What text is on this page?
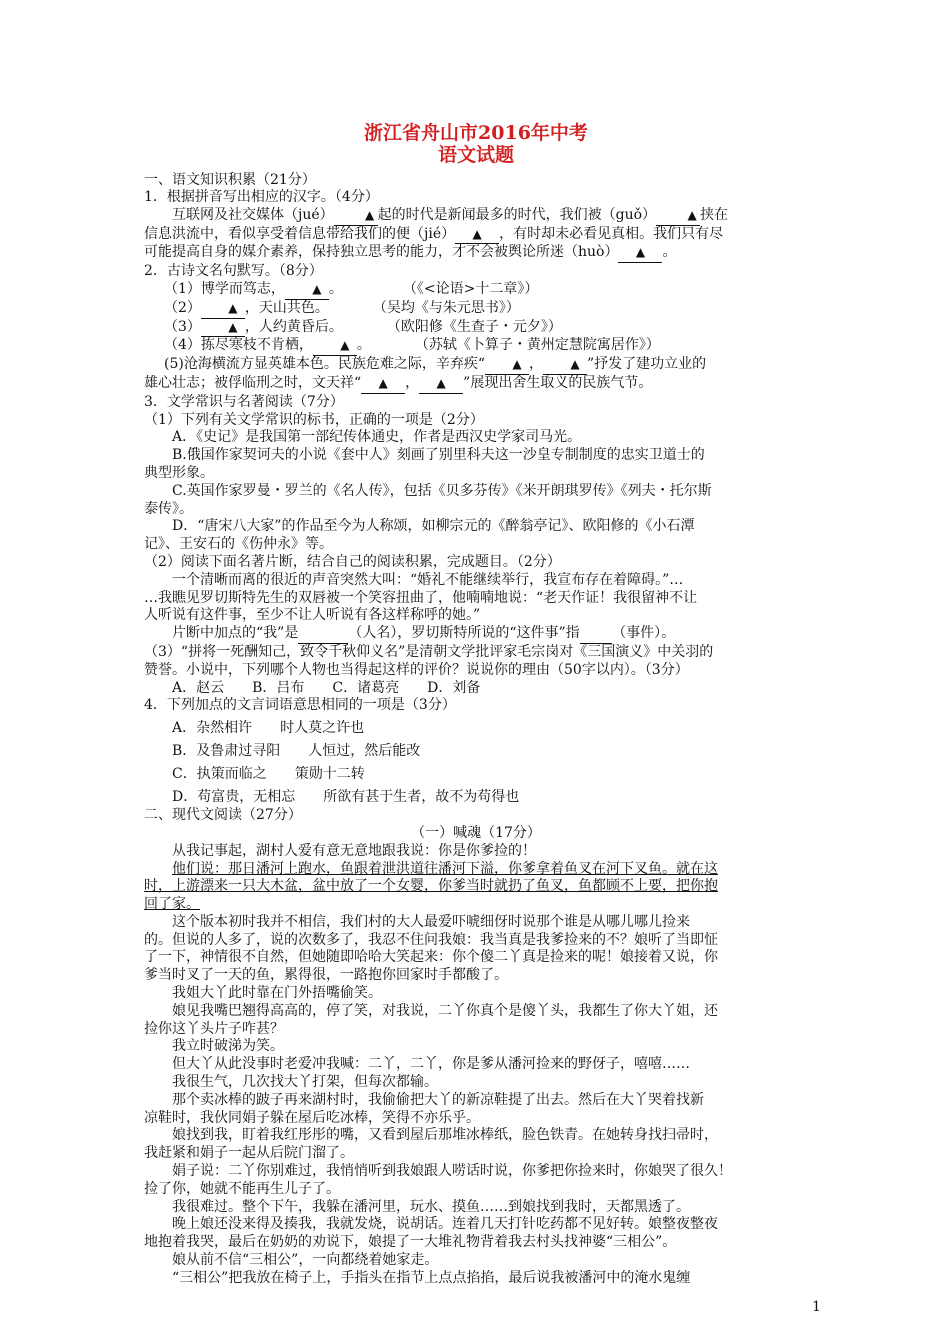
浙江省舟山市2016年中考
语文试题
一、语文知识积累（21分）
1．根据拼音写出相应的汉字。（4分）
互联网及社交媒体（jué）	▲ 起的时代是新闻最多的时代，我们被（guǒ）	▲ 挟在
信息洪流中，看似享受着信息带给我们的便（jié） ▲ ，有时却未必看见真相。我们只有尽
可能提高自身的媒介素养，保持独立思考的能力，才不会被舆论所迷（huò） ▲ 。
2．古诗文名句默写。（8分）
（1）博学而笃志， ▲ 。	（《<论语>十二章》）
（2） ▲ ，天山共色。	（吴均《与朱元思书》）
（3） ▲ ，人约黄昏后。	（欧阳修《生查子・元夕》）
（4）拣尽寒枝不肯栖， ▲ 。	（苏轼《卜算子・黄州定慧院寓居作》）
(5)沧海横流方显英雄本色。民族危难之际，辛弃疾“ ▲ ， ▲ ”抒发了建功立业的
雄心壮志；被俘临刑之时，文天祥“ ▲ ， ▲ ”展现出舍生取义的民族气节。
3．文学常识与名著阅读（7分）
（1）下列有关文学常识的标书，正确的一项是（2分）
A．《史记》是我国第一部纪传体通史，作者是西汉史学家司马光。
B.俄国作家契诃夫的小说《套中人》刻画了别里科夫这一沙皇专制制度的忠实卫道士的
典型形象。
C.英国作家罗曼・罗兰的《名人传》，包括《贝多芬传》《米开朗琪罗传》《列夫・托尔斯
泰传》。
D．“唐宋八大家”的作品至今为人称颂，如柳宗元的《醉翁亭记》、欧阳修的《小石潭
记》、王安石的《伤仲永》等。
（2）阅读下面名著片断，结合自己的阅读积累，完成题目。（2分）
一个清晰而离的很近的声音突然大叫：“婚礼不能继续举行，我宣布存在着障碍。”…
…我瞧见罗切斯特先生的双唇被一个笑容扭曲了，他喃喃地说：“老天作证！我很留神不让
人听说有这件事，至少不让人听说有各这样称呼的她。”
片断中加点的“我”是	（人名），罗切斯特所说的“这件事”指 （事件）。
（3）“拼将一死酬知己，致令千秋仰义名”是清朝文学批评家毛宗岗对《三国演义》中关羽的
赞誉。小说中，下列哪个人物也当得起这样的评价？说说你的理由（50字以内）。（3分）
A．赵云　　B．吕布　　C．诸葛亮　　D．刘备
4．下列加点的文言词语意思相同的一项是（3分）
A．杂然相许　　时人莫之许也
B．及鲁肃过寻阳　　人恒过，然后能改
C．执策而临之　　策勋十二转
D．苟富贵，无相忘　　所欲有甚于生者，故不为苟得也
二、现代文阅读（27分）
（一）喊魂（17分）
从我记事起，湖村人爱有意无意地跟我说：你是你爹捡的！
他们说：那日潘河上跑水，鱼跟着泄洪道往潘河下溢，你爹拿着鱼叉在河下叉鱼。就在这
时，上游漂来一只大木盆，盆中放了一个女婴，你爹当时就扔了鱼叉，鱼都顾不上要，把你抱
回了家。
这个版本初时我并不相信，我们村的大人最爱吓唬细伢时说那个谁是从哪儿哪儿捡来
的。但说的人多了，说的次数多了，我忍不住问我娘：我当真是我爹捡来的不？娘听了当即怔
了一下，神情很不自然，但她随即哈哈大笑起来：你个傻二丫真是捡来的呢！娘接着又说，你
爹当时叉了一天的鱼，累得很，一路抱你回家时手都酸了。
我姐大丫此时靠在门外捂嘴偷笑。
娘见我嘴巴翘得高高的，停了笑，对我说，二丫你真个是傻丫头，我都生了你大丫姐，还
捡你这丫头片子咋甚？
我立时破涕为笑。
但大丫从此没事时老爱冲我喊：二丫，二丫，你是爹从潘河捡来的野伢子，嘻嘻……
我很生气，几次找大丫打架，但每次都输。
那个卖冰棒的跛子再来湖村时，我偷偷把大丫的新凉鞋提了出去。然后在大丫哭着找新
凉鞋时，我伙同娟子躲在屋后吃冰棒，笑得不亦乐乎。
娘找到我，盯着我红彤彤的嘴，又看到屋后那堆冰棒纸，脸色铁青。在她转身找扫帚时，
我赶紧和娟子一起从后院门溜了。
娟子说：二丫你别难过，我悄悄听到我娘跟人唠话时说，你爹把你捡来时，你娘哭了很久！
捡了你，她就不能再生儿子了。
我很难过。整个下午，我躲在潘河里，玩水、摸鱼……到娘找到我时，天都黑透了。
晚上娘还没来得及揍我，我就发烧，说胡话。连着几天打针吃药都不见好转。娘整夜整夜
地抱着我哭，最后在奶奶的劝说下，娘提了一大堆礼物背着我去村头找神婆“三相公”。
娘从前不信“三相公”，一向都绕着她家走。
“三相公”把我放在椅子上，手指头在指节上点点掐掐，最后说我被潘河中的淹水鬼缠
1
